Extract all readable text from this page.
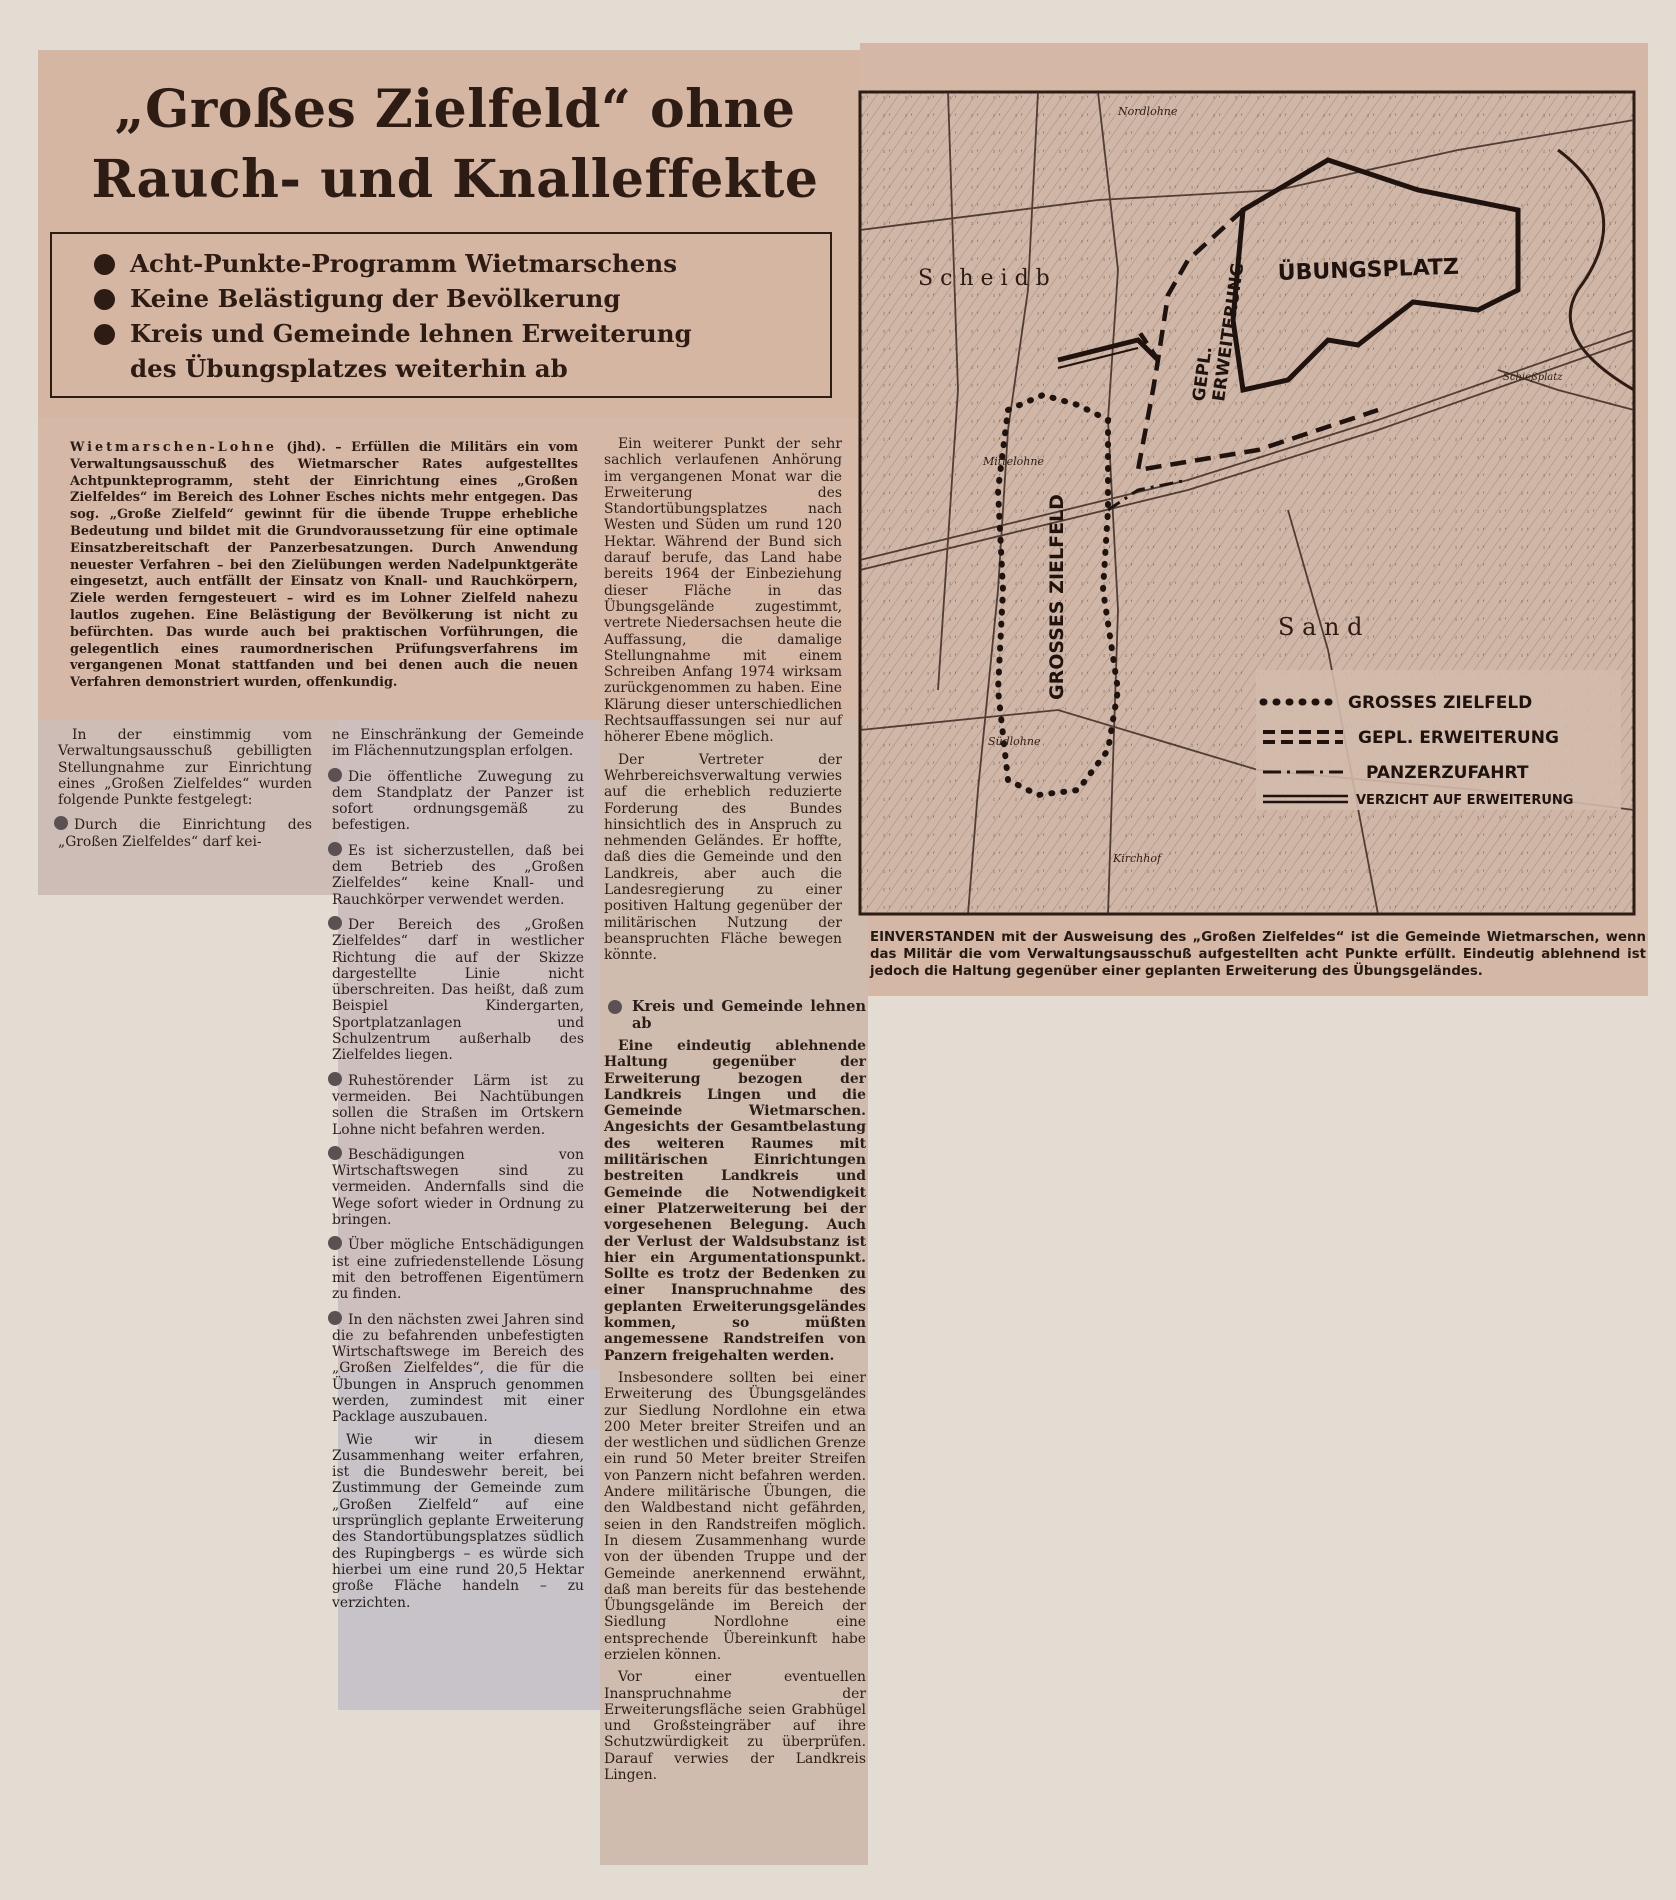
„Großes Zielfeld“ ohne
Rauch- und Knalleffekte
Acht-Punkte-Programm Wietmarschens
Keine Belästigung der Bevölkerung
Kreis und Gemeinde lehnen Erweiterung
des Übungsplatzes weiterhin ab

Wietmarschen-Lohne (jhd). – Erfüllen die Militärs ein vom Verwaltungsausschuß des Wietmarscher Rates aufgestelltes Achtpunkteprogramm, steht der Einrichtung eines „Großen Zielfeldes“ im Bereich des Lohner Esches nichts mehr entgegen. Das sog. „Große Zielfeld“ gewinnt für die übende Truppe erhebliche Bedeutung und bildet mit die Grundvoraussetzung für eine optimale Einsatzbereitschaft der Panzerbesatzungen. Durch Anwendung neuester Verfahren – bei den Zielübungen werden Nadelpunktgeräte eingesetzt, auch entfällt der Einsatz von Knall- und Rauchkörpern, Ziele werden ferngesteuert – wird es im Lohner Zielfeld nahezu lautlos zugehen. Eine Belästigung der Bevölkerung ist nicht zu befürchten. Das wurde auch bei praktischen Vorführungen, die gelegentlich eines raumordnerischen Prüfungsverfahrens im vergangenen Monat stattfanden und bei denen auch die neuen Verfahren demonstriert wurden, offenkundig.

In der einstimmig vom Verwaltungsausschuß gebilligten Stellungnahme zur Einrichtung eines „Großen Zielfeldes“ wurden folgende Punkte festgelegt:

Durch die Einrichtung des „Großen Zielfeldes“ darf kei-

ne Einschränkung der Gemeinde im Flächennutzungsplan erfolgen.

Die öffentliche Zuwegung zu dem Standplatz der Panzer ist sofort ordnungsgemäß zu befestigen.

Es ist sicherzustellen, daß bei dem Betrieb des „Großen Zielfeldes“ keine Knall- und Rauchkörper verwendet werden.

Der Bereich des „Großen Zielfeldes“ darf in westlicher Richtung die auf der Skizze dargestellte Linie nicht überschreiten. Das heißt, daß zum Beispiel Kindergarten, Sportplatzanlagen und Schulzentrum außerhalb des Zielfeldes liegen.

Ruhestörender Lärm ist zu vermeiden. Bei Nachtübungen sollen die Straßen im Ortskern Lohne nicht befahren werden.

Beschädigungen von Wirtschaftswegen sind zu vermeiden. Andernfalls sind die Wege sofort wieder in Ordnung zu bringen.

Über mögliche Entschädigungen ist eine zufriedenstellende Lösung mit den betroffenen Eigentümern zu finden.

In den nächsten zwei Jahren sind die zu befahrenden unbefestigten Wirtschaftswege im Bereich des „Großen Zielfeldes“, die für die Übungen in Anspruch genommen werden, zumindest mit einer Packlage auszubauen.

Wie wir in diesem Zusammenhang weiter erfahren, ist die Bundeswehr bereit, bei Zustimmung der Gemeinde zum „Großen Zielfeld“ auf eine ursprünglich geplante Erweiterung des Standortübungsplatzes südlich des Rupingbergs – es würde sich hierbei um eine rund 20,5 Hektar große Fläche handeln – zu verzichten.

Ein weiterer Punkt der sehr sachlich verlaufenen Anhörung im vergangenen Monat war die Erweiterung des Standortübungsplatzes nach Westen und Süden um rund 120 Hektar. Während der Bund sich darauf berufe, das Land habe bereits 1964 der Einbeziehung dieser Fläche in das Übungsgelände zugestimmt, vertrete Niedersachsen heute die Auffassung, die damalige Stellungnahme mit einem Schreiben Anfang 1974 wirksam zurückgenommen zu haben. Eine Klärung dieser unterschiedlichen Rechtsauffassungen sei nur auf höherer Ebene möglich.

Der Vertreter der Wehrbereichsverwaltung verwies auf die erheblich reduzierte Forderung des Bundes hinsichtlich des in Anspruch zu nehmenden Geländes. Er hoffte, daß dies die Gemeinde und den Landkreis, aber auch die Landesregierung zu einer positiven Haltung gegenüber der militärischen Nutzung der beanspruchten Fläche bewegen könnte.

Kreis und Gemeinde lehnen ab

Eine eindeutig ablehnende Haltung gegenüber der Erweiterung bezogen der Landkreis Lingen und die Gemeinde Wietmarschen. Angesichts der Gesamtbelastung des weiteren Raumes mit militärischen Einrichtungen bestreiten Landkreis und Gemeinde die Notwendigkeit einer Platzerweiterung bei der vorgesehenen Belegung. Auch der Verlust der Waldsubstanz ist hier ein Argumentationspunkt. Sollte es trotz der Bedenken zu einer Inanspruchnahme des geplanten Erweiterungsgeländes kommen, so müßten angemessene Randstreifen von Panzern freigehalten werden.

Insbesondere sollten bei einer Erweiterung des Übungsgeländes zur Siedlung Nordlohne ein etwa 200 Meter breiter Streifen und an der westlichen und südlichen Grenze ein rund 50 Meter breiter Streifen von Panzern nicht befahren werden. Andere militärische Übungen, die den Waldbestand nicht gefährden, seien in den Randstreifen möglich. In diesem Zusammenhang wurde von der übenden Truppe und der Gemeinde anerkennend erwähnt, daß man bereits für das bestehende Übungsgelände im Bereich der Siedlung Nordlohne eine entsprechende Übereinkunft habe erzielen können.

Vor einer eventuellen Inanspruchnahme der Erweiterungsfläche seien Grabhügel und Großsteingräber auf ihre Schutzwürdigkeit zu überprüfen. Darauf verwies der Landkreis Lingen.

ÜBUNGSPLATZ
GEPL.
ERWEITERUNG
GROSSES ZIELFELD
Nordlohne
Mittelohne
Südlohne
Schießplatz
Kirchhof
S a n d
S c h e i d b
GROSSES ZIELFELD
GEPL. ERWEITERUNG
PANZERZUFAHRT
VERZICHT AUF ERWEITERUNG

EINVERSTANDEN mit der Ausweisung des „Großen Zielfeldes“ ist die Gemeinde Wietmarschen, wenn das Militär die vom Verwaltungsausschuß aufgestellten acht Punkte erfüllt. Eindeutig ablehnend ist jedoch die Haltung gegenüber einer geplanten Erweiterung des Übungsgeländes.
